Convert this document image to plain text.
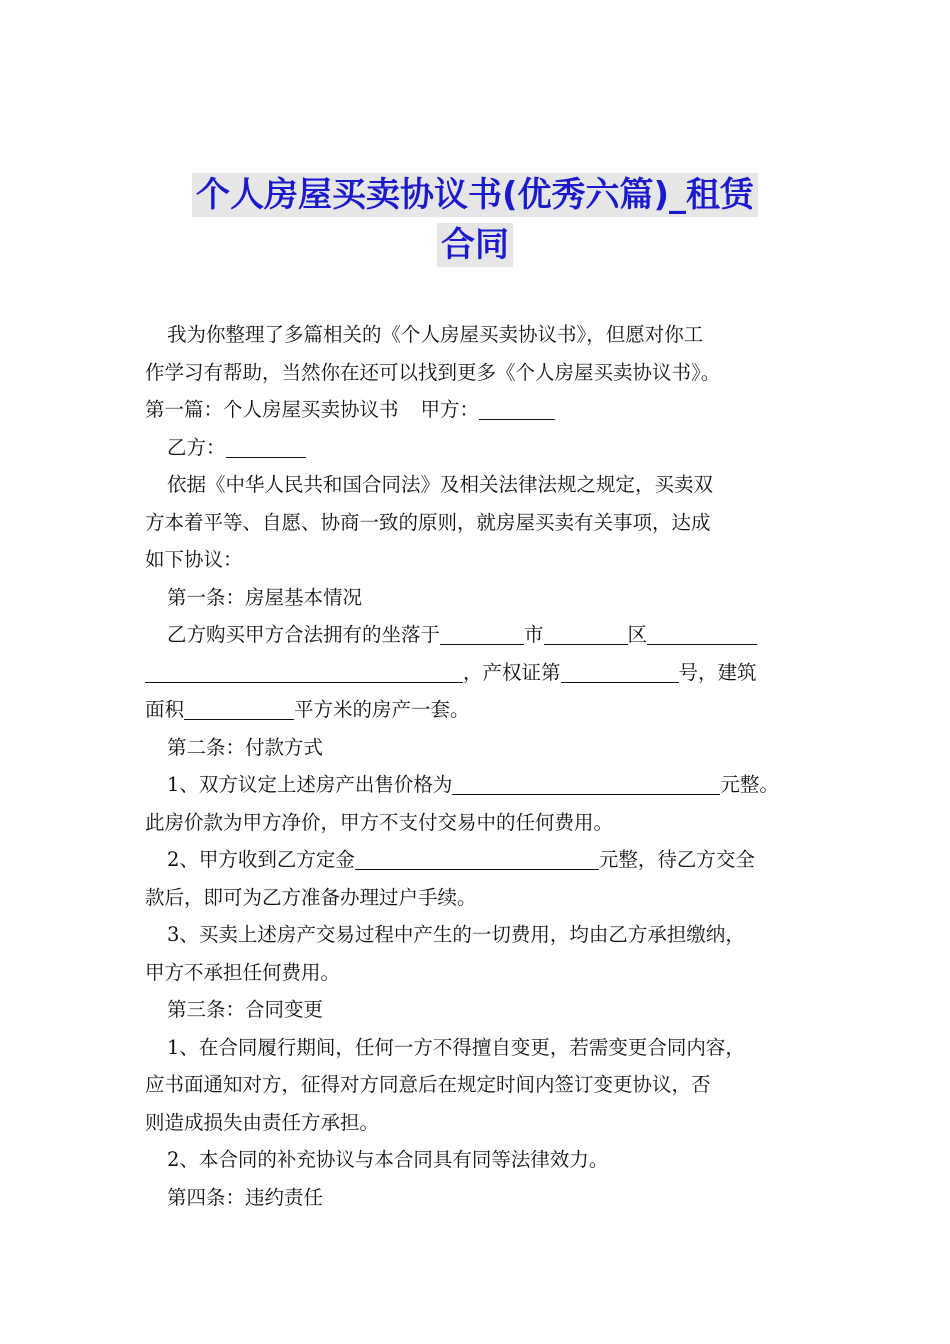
个人房屋买卖协议书(优秀六篇)_租赁
合同

我为你整理了多篇相关的《个人房屋买卖协议书》，但愿对你工

作学习有帮助，当然你在还可以找到更多《个人房屋买卖协议书》。

第一篇：个人房屋买卖协议书 甲方：

乙方：

依据《中华人民共和国合同法》及相关法律法规之规定，买卖双

方本着平等、自愿、协商一致的原则，就房屋买卖有关事项，达成

如下协议：

第一条：房屋基本情况

乙方购买甲方合法拥有的坐落于	市	区

，产权证第	号，建筑

面积	平方米的房产一套。

第二条：付款方式

1、双方议定上述房产出售价格为	元整。

此房价款为甲方净价，甲方不支付交易中的任何费用。

2、甲方收到乙方定金	元整，待乙方交全

款后，即可为乙方准备办理过户手续。

3、买卖上述房产交易过程中产生的一切费用，均由乙方承担缴纳，

甲方不承担任何费用。

第三条：合同变更

1、在合同履行期间，任何一方不得擅自变更，若需变更合同内容，

应书面通知对方，征得对方同意后在规定时间内签订变更协议，否

则造成损失由责任方承担。

2、本合同的补充协议与本合同具有同等法律效力。

第四条：违约责任
